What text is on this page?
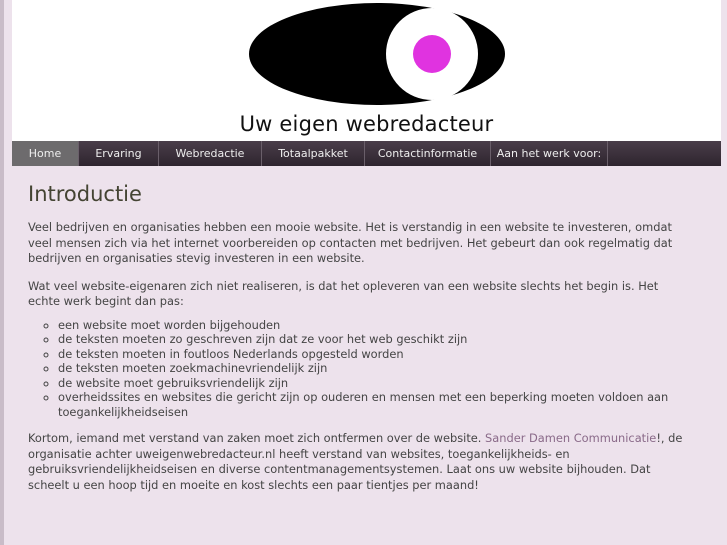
Uw eigen webredacteur
Home	Ervaring	Webredactie	Totaalpakket	Contactinformatie	Aan het werk voor:
Introductie

Veel bedrijven en organisaties hebben een mooie website. Het is verstandig in een website te investeren, omdat veel mensen zich via het internet voorbereiden op contacten met bedrijven. Het gebeurt dan ook regelmatig dat bedrijven en organisaties stevig investeren in een website.

Wat veel website-eigenaren zich niet realiseren, is dat het opleveren van een website slechts het begin is. Het echte werk begint dan pas:

◦ een website moet worden bijgehouden
◦ de teksten moeten zo geschreven zijn dat ze voor het web geschikt zijn
◦ de teksten moeten in foutloos Nederlands opgesteld worden
◦ de teksten moeten zoekmachinevriendelijk zijn
◦ de website moet gebruiksvriendelijk zijn
◦ overheidssites en websites die gericht zijn op ouderen en mensen met een beperking moeten voldoen aan toegankelijkheidseisen

Kortom, iemand met verstand van zaken moet zich ontfermen over de website. Sander Damen Communicatie!, de organisatie achter uweigenwebredacteur.nl heeft verstand van websites, toegankelijkheids- en gebruiksvriendelijkheidseisen en diverse contentmanagementsystemen. Laat ons uw website bijhouden. Dat scheelt u een hoop tijd en moeite en kost slechts een paar tientjes per maand!
